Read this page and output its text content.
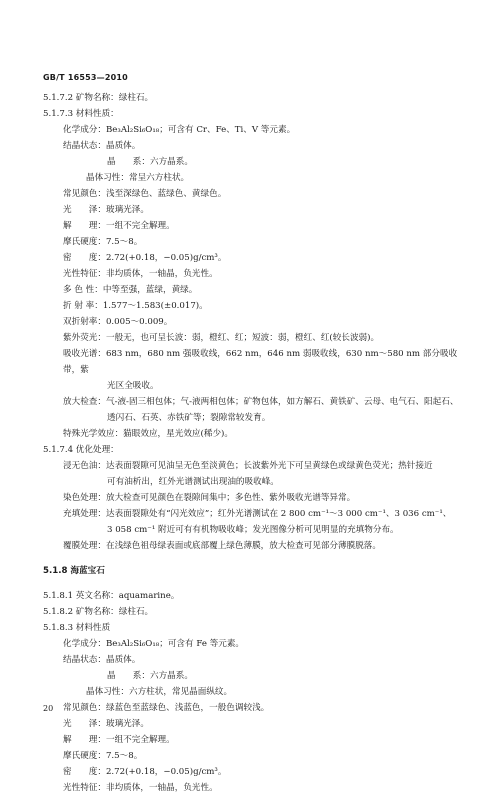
GB/T 16553—2010
5.1.7.2 矿物名称：绿柱石。
5.1.7.3 材料性质：
化学成分：Be₃Al₂Si₆O₁₈；可含有 Cr、Fe、Ti、V 等元素。
结晶状态：晶质体。
晶　　系：六方晶系。
晶体习性：常呈六方柱状。
常见颜色：浅至深绿色、蓝绿色、黄绿色。
光　　泽：玻璃光泽。
解　　理：一组不完全解理。
摩氏硬度：7.5～8。
密　　度：2.72(+0.18，−0.05)g/cm³。
光性特征：非均质体，一轴晶，负光性。
多 色 性：中等至强，蓝绿，黄绿。
折 射 率：1.577～1.583(±0.017)。
双折射率：0.005～0.009。
紫外荧光：一般无，也可呈长波：弱，橙红、红；短波：弱，橙红、红(较长波弱)。
吸收光谱：683 nm，680 nm 强吸收线，662 nm，646 nm 弱吸收线，630 nm～580 nm 部分吸收带，紫
光区全吸收。
放大检查：气-液-固三相包体；气-液两相包体；矿物包体，如方解石、黄铁矿、云母、电气石、阳起石、
透闪石、石英、赤铁矿等；裂隙常较发育。
特殊光学效应：猫眼效应，星光效应(稀少)。
5.1.7.4 优化处理：
浸无色油：达表面裂隙可见油呈无色至淡黄色；长波紫外光下可呈黄绿色或绿黄色荧光；热针接近
可有油析出，红外光谱测试出现油的吸收峰。
染色处理：放大检查可见颜色在裂隙间集中；多色性、紫外吸收光谱等异常。
充填处理：达表面裂隙处有“闪光效应”；红外光谱测试在 2 800 cm⁻¹～3 000 cm⁻¹、3 036 cm⁻¹、
3 058 cm⁻¹ 附近可有有机物吸收峰；发光图像分析可见明显的充填物分布。
覆膜处理：在浅绿色祖母绿表面或底部覆上绿色薄膜，放大检查可见部分薄膜脱落。
5.1.8 海蓝宝石
5.1.8.1 英文名称：aquamarine。
5.1.8.2 矿物名称：绿柱石。
5.1.8.3 材料性质
化学成分：Be₃Al₂Si₆O₁₈；可含有 Fe 等元素。
结晶状态：晶质体。
晶　　系：六方晶系。
晶体习性：六方柱状，常见晶面纵纹。
常见颜色：绿蓝色至蓝绿色、浅蓝色，一般色调较浅。
光　　泽：玻璃光泽。
解　　理：一组不完全解理。
摩氏硬度：7.5～8。
密　　度：2.72(+0.18，−0.05)g/cm³。
光性特征：非均质体，一轴晶，负光性。
20
